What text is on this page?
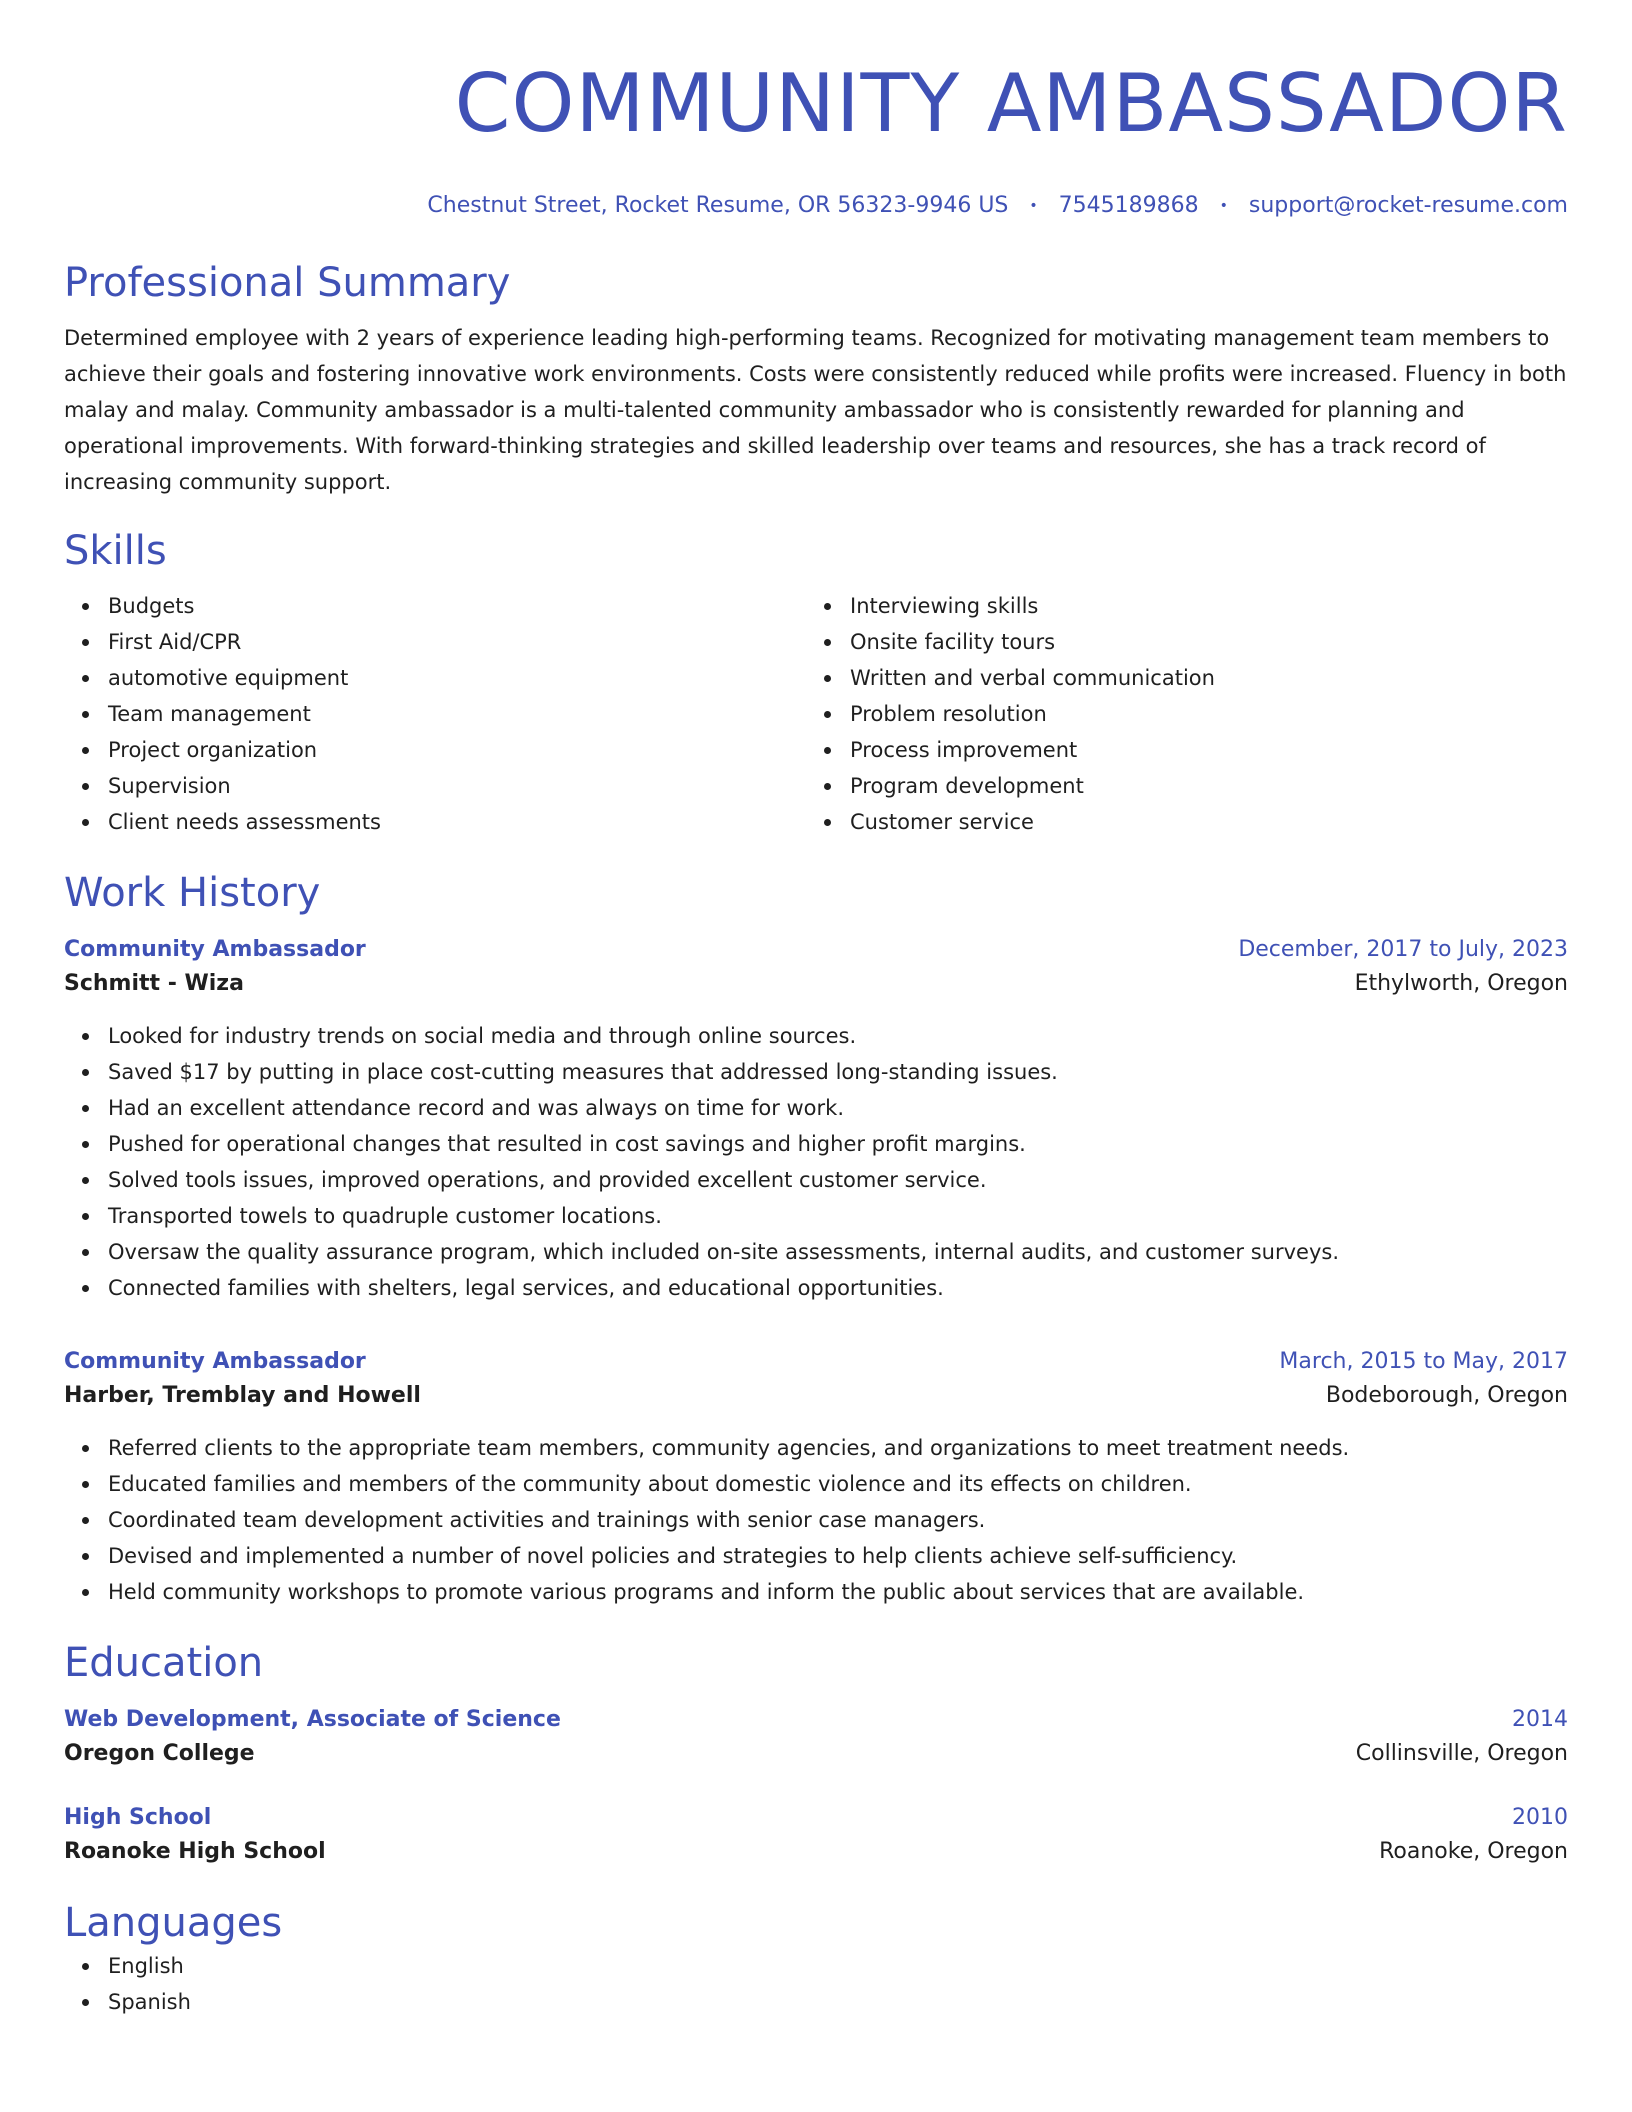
COMMUNITY AMBASSADOR
Chestnut Street, Rocket Resume, OR 56323-9946 US • 7545189868 • support@rocket-resume.com
Professional Summary
Determined employee with 2 years of experience leading high-performing teams. Recognized for motivating management team members to achieve their goals and fostering innovative work environments. Costs were consistently reduced while profits were increased. Fluency in both malay and malay. Community ambassador is a multi-talented community ambassador who is consistently rewarded for planning and operational improvements. With forward-thinking strategies and skilled leadership over teams and resources, she has a track record of increasing community support.
Skills
Budgets
First Aid/CPR
automotive equipment
Team management
Project organization
Supervision
Client needs assessments
Interviewing skills
Onsite facility tours
Written and verbal communication
Problem resolution
Process improvement
Program development
Customer service
Work History
Community Ambassador	December, 2017 to July, 2023
Schmitt - Wiza	Ethylworth, Oregon
Looked for industry trends on social media and through online sources.
Saved $17 by putting in place cost-cutting measures that addressed long-standing issues.
Had an excellent attendance record and was always on time for work.
Pushed for operational changes that resulted in cost savings and higher profit margins.
Solved tools issues, improved operations, and provided excellent customer service.
Transported towels to quadruple customer locations.
Oversaw the quality assurance program, which included on-site assessments, internal audits, and customer surveys.
Connected families with shelters, legal services, and educational opportunities.
Community Ambassador	March, 2015 to May, 2017
Harber, Tremblay and Howell	Bodeborough, Oregon
Referred clients to the appropriate team members, community agencies, and organizations to meet treatment needs.
Educated families and members of the community about domestic violence and its effects on children.
Coordinated team development activities and trainings with senior case managers.
Devised and implemented a number of novel policies and strategies to help clients achieve self-sufficiency.
Held community workshops to promote various programs and inform the public about services that are available.
Education
Web Development, Associate of Science	2014
Oregon College	Collinsville, Oregon
High School	2010
Roanoke High School	Roanoke, Oregon
Languages
English
Spanish
